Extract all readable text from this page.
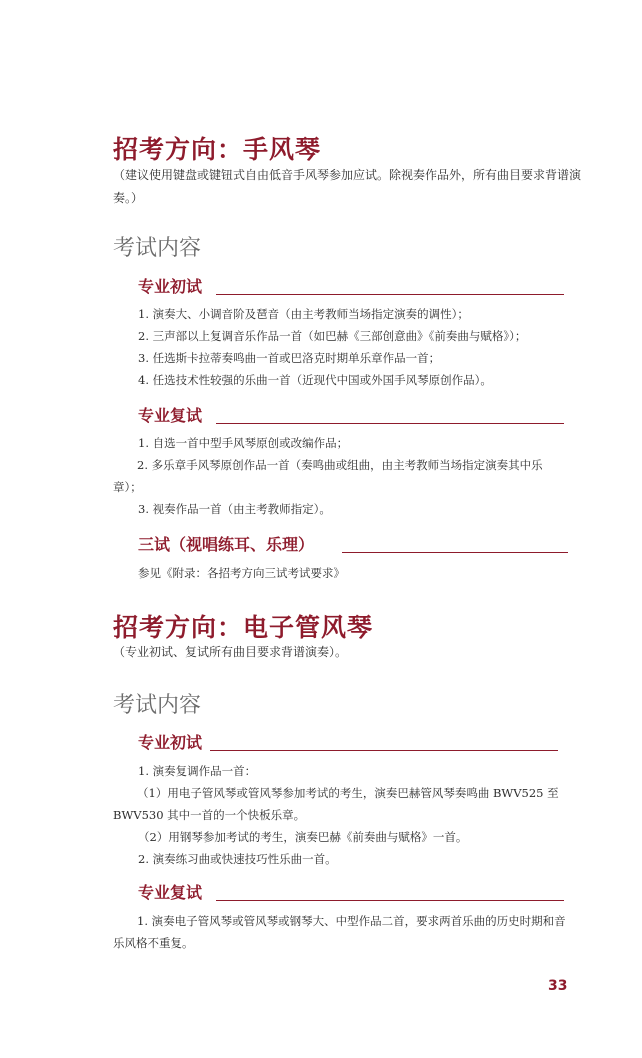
招考方向：手风琴
（建议使用键盘或键钮式自由低音手风琴参加应试。除视奏作品外，所有曲目要求背谱演奏。）
考试内容
专业初试
1. 演奏大、小调音阶及琶音（由主考教师当场指定演奏的调性）；
2. 三声部以上复调音乐作品一首（如巴赫《三部创意曲》《前奏曲与赋格》）；
3. 任选斯卡拉蒂奏鸣曲一首或巴洛克时期单乐章作品一首；
4. 任选技术性较强的乐曲一首（近现代中国或外国手风琴原创作品）。
专业复试
1. 自选一首中型手风琴原创或改编作品；
2. 多乐章手风琴原创作品一首（奏鸣曲或组曲，由主考教师当场指定演奏其中乐章）；
3. 视奏作品一首（由主考教师指定）。
三试（视唱练耳、乐理）
参见《附录：各招考方向三试考试要求》
招考方向：电子管风琴
（专业初试、复试所有曲目要求背谱演奏）。
考试内容
专业初试
1. 演奏复调作品一首：
（1）用电子管风琴或管风琴参加考试的考生，演奏巴赫管风琴奏鸣曲 BWV525 至 BWV530 其中一首的一个快板乐章。
（2）用钢琴参加考试的考生，演奏巴赫《前奏曲与赋格》一首。
2. 演奏练习曲或快速技巧性乐曲一首。
专业复试
1. 演奏电子管风琴或管风琴或钢琴大、中型作品二首，要求两首乐曲的历史时期和音乐风格不重复。
33
